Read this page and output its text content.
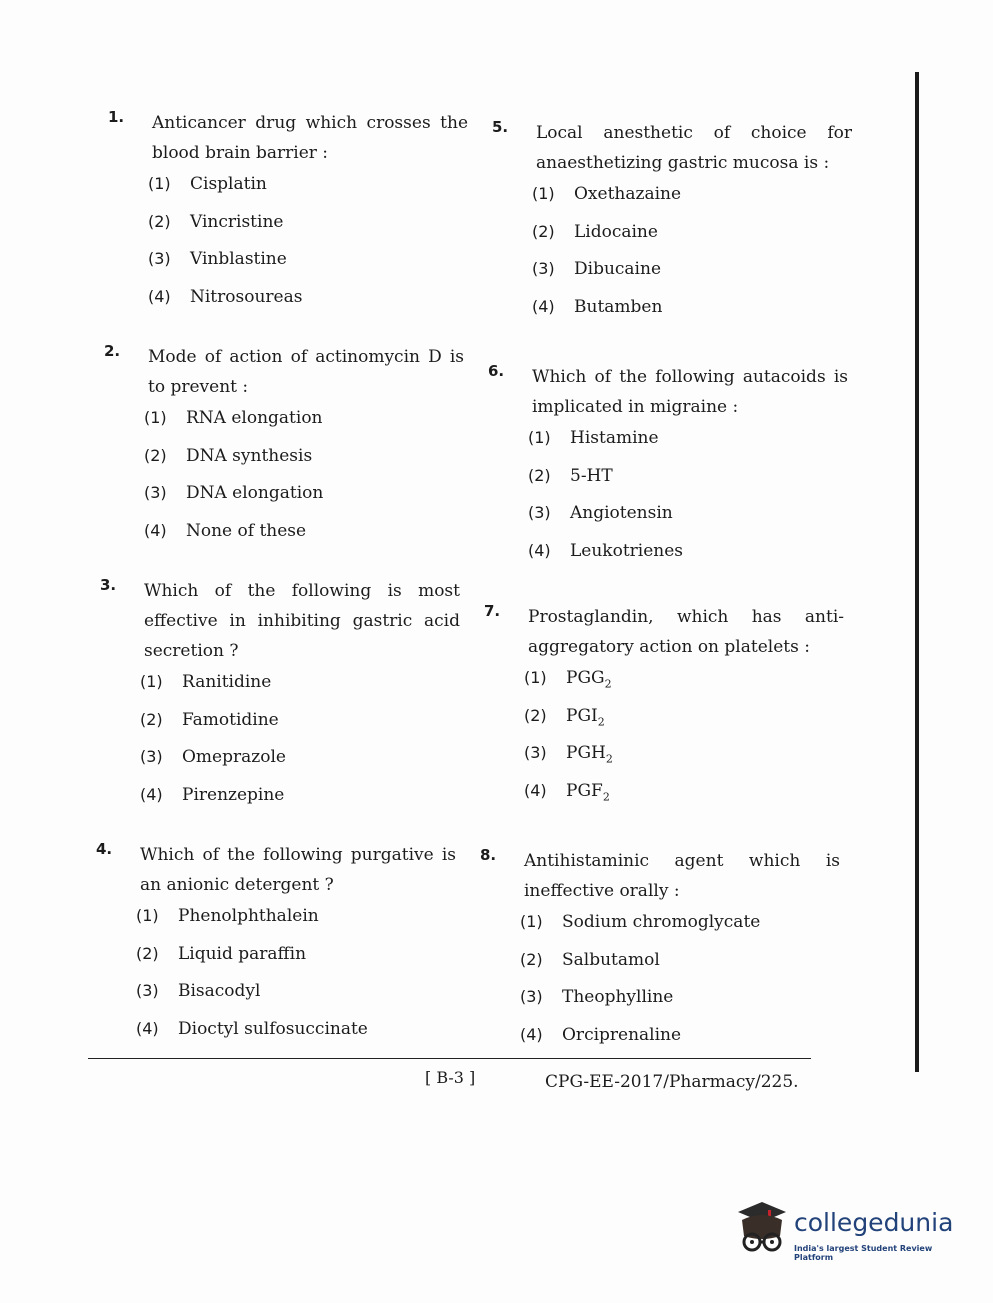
1. Anticancer drug which crosses the blood brain barrier :
(1) Cisplatin
(2) Vincristine
(3) Vinblastine
(4) Nitrosoureas
2. Mode of action of actinomycin D is to prevent :
(1) RNA elongation
(2) DNA synthesis
(3) DNA elongation
(4) None of these
3. Which of the following is most effective in inhibiting gastric acid secretion ?
(1) Ranitidine
(2) Famotidine
(3) Omeprazole
(4) Pirenzepine
4. Which of the following purgative is an anionic detergent ?
(1) Phenolphthalein
(2) Liquid paraffin
(3) Bisacodyl
(4) Dioctyl sulfosuccinate
5. Local anesthetic of choice for anaesthetizing gastric mucosa is :
(1) Oxethazaine
(2) Lidocaine
(3) Dibucaine
(4) Butamben
6. Which of the following autacoids is implicated in migraine :
(1) Histamine
(2) 5-HT
(3) Angiotensin
(4) Leukotrienes
7. Prostaglandin, which has anti-aggregatory action on platelets :
(1) $PGG_2$
(2) $PGI_2$
(3) $PGH_2$
(4) $PGF_2$
8. Antihistaminic agent which is ineffective orally :
(1) Sodium chromoglycate
(2) Salbutamol
(3) Theophylline
(4) Orciprenaline
[ B-3 ]	CPG-EE-2017/Pharmacy/225.
collegedunia
India's largest Student Review Platform
